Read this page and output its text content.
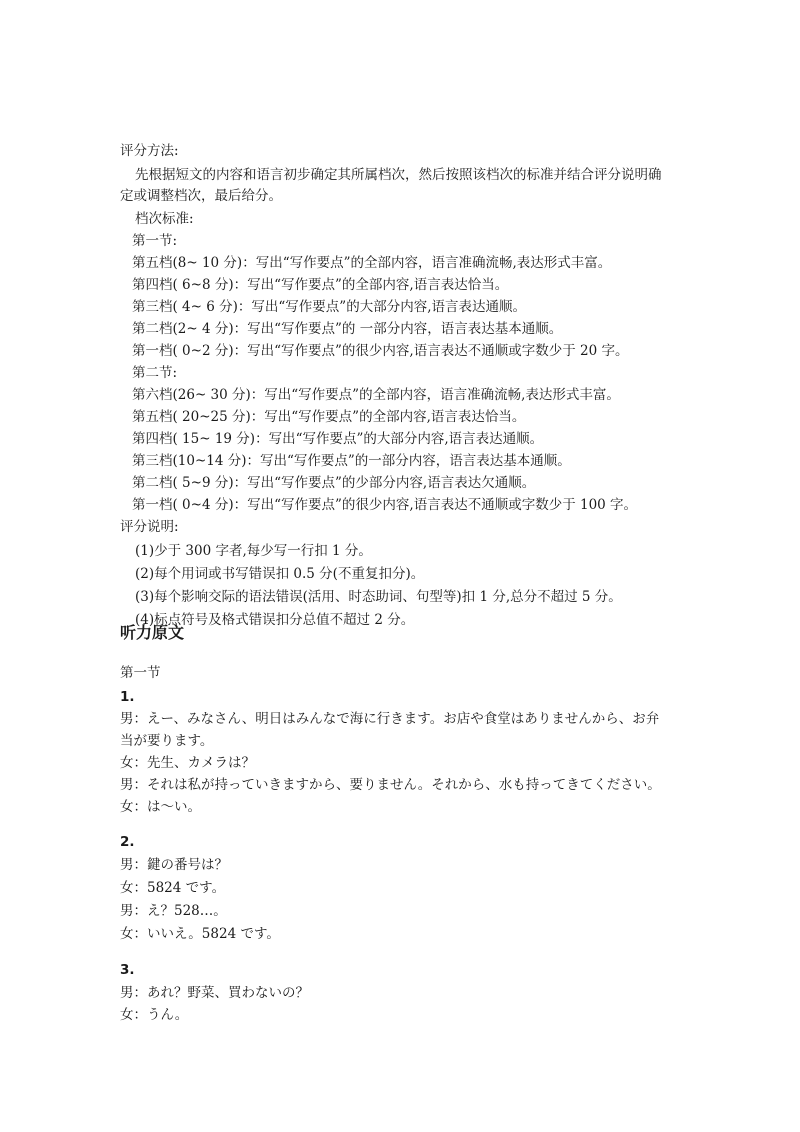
评分方法:
先根据短文的内容和语言初步确定其所属档次，然后按照该档次的标准并结合评分说明确
定或调整档次，最后给分。
档次标准:
第一节:
第五档(8~ 10 分)：写出“写作要点”的全部内容，语言准确流畅,表达形式丰富。
第四档( 6~8 分)：写出“写作要点”的全部内容,语言表达恰当。
第三档( 4~ 6 分)：写出“写作要点”的大部分内容,语言表达通顺。
第二档(2~ 4 分)：写出“写作要点”的 一部分内容，语言表达基本通顺。
第一档( 0~2 分)：写出“写作要点”的很少内容,语言表达不通顺或字数少于 20 字。
第二节:
第六档(26~ 30 分)：写出“写作要点”的全部内容，语言准确流畅,表达形式丰富。
第五档( 20~25 分)：写出“写作要点”的全部内容,语言表达恰当。
第四档( 15~ 19 分)：写出“写作要点”的大部分内容,语言表达通顺。
第三档(10~14 分)：写出“写作要点”的一部分内容，语言表达基本通顺。
第二档( 5~9 分)：写出“写作要点”的少部分内容,语言表达欠通顺。
第一档( 0~4 分)：写出“写作要点”的很少内容,语言表达不通顺或字数少于 100 字。
评分说明:
(1)少于 300 字者,每少写一行扣 1 分。
(2)每个用词或书写错误扣 0.5 分(不重复扣分)。
(3)每个影响交际的语法错误(活用、时态助词、句型等)扣 1 分,总分不超过 5 分。
(4)标点符号及格式错误扣分总值不超过 2 分。
听力原文
第一节
1.
男：えー、みなさん、明日はみんなで海に行きます。お店や食堂はありませんから、お弁
当が要ります。
女：先生、カメラは？
男：それは私が持っていきますから、要りません。それから、水も持ってきてください。
女：は～い。
2.
男：鍵の番号は？
女：5824 です。
男：え？528…。
女：いいえ。5824 です。
3.
男：あれ？野菜、買わないの？
女：うん。
